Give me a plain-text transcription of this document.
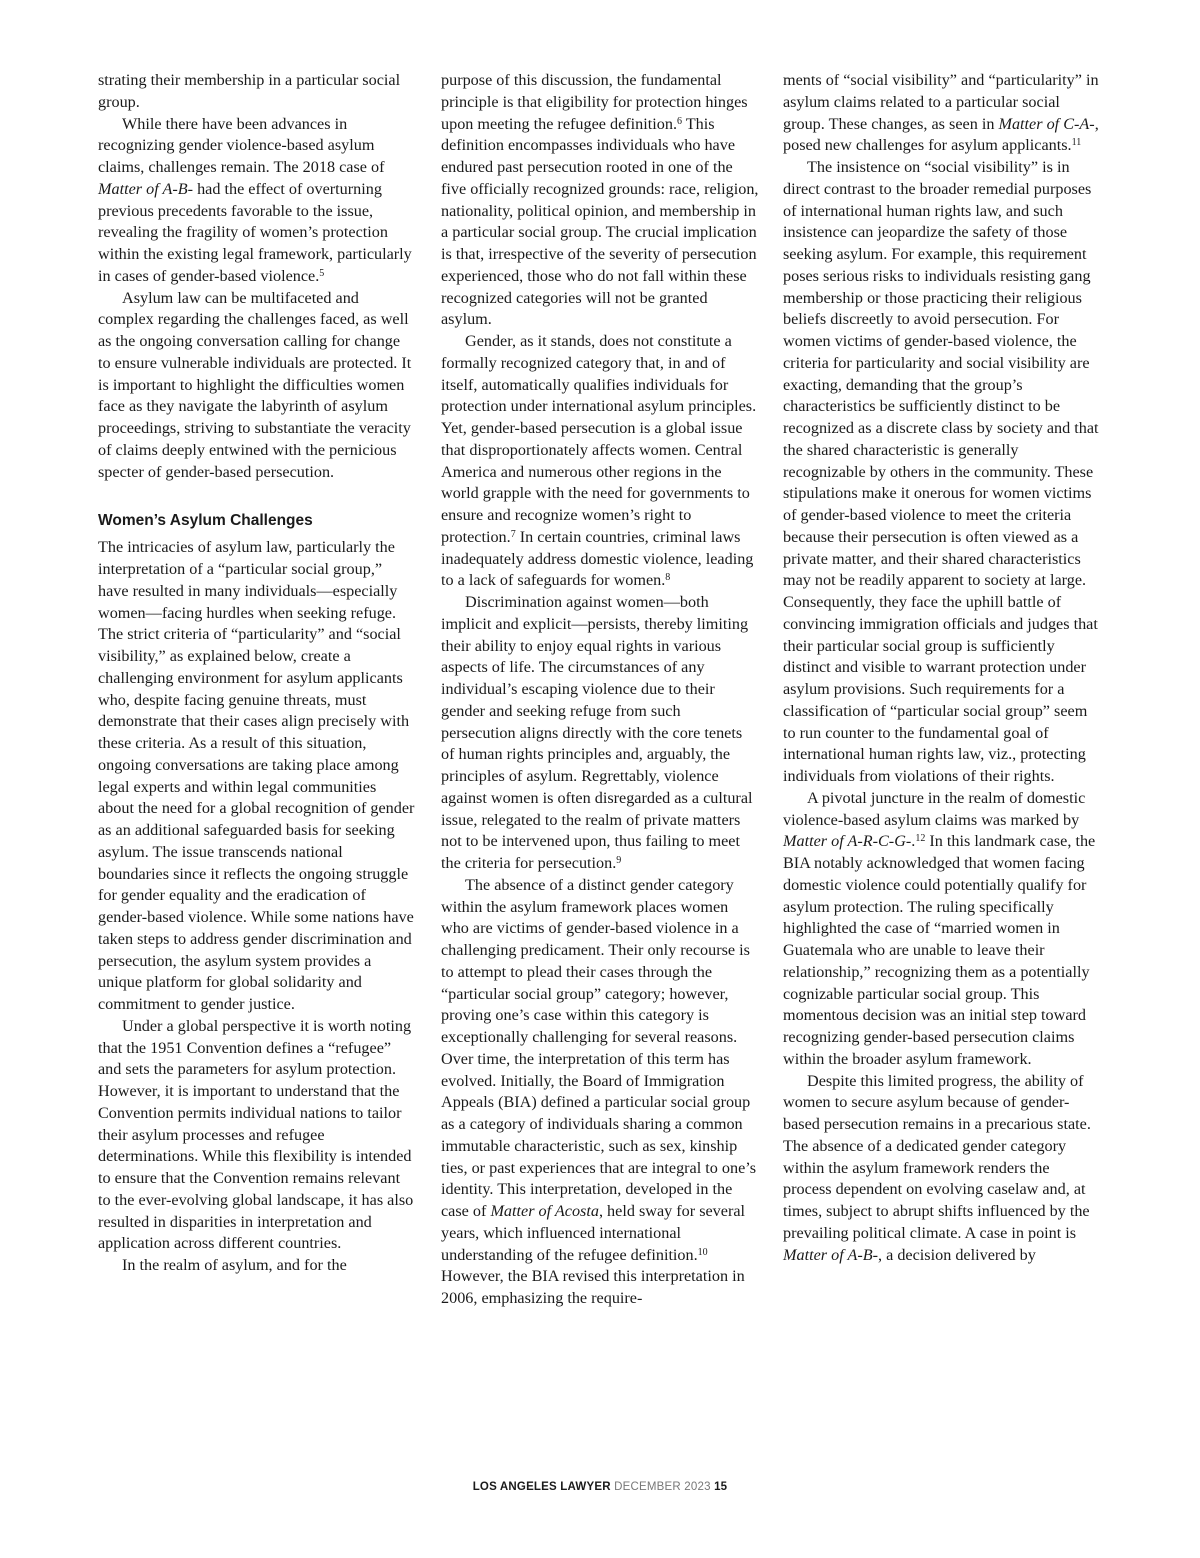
strating their membership in a particular social group.

While there have been advances in recognizing gender violence-based asylum claims, challenges remain. The 2018 case of Matter of A-B- had the effect of overturning previous precedents favorable to the issue, revealing the fragility of women’s protection within the existing legal framework, particularly in cases of gender-based violence.$^5$

Asylum law can be multifaceted and complex regarding the challenges faced, as well as the ongoing conversation calling for change to ensure vulnerable individuals are protected. It is important to highlight the difficulties women face as they navigate the labyrinth of asylum proceedings, striving to substantiate the veracity of claims deeply entwined with the pernicious specter of gender-based persecution.

Women’s Asylum Challenges

The intricacies of asylum law, particularly the interpretation of a “particular social group,” have resulted in many individuals—especially women—facing hurdles when seeking refuge. The strict criteria of “particularity” and “social visibility,” as explained below, create a challenging environment for asylum applicants who, despite facing genuine threats, must demonstrate that their cases align precisely with these criteria. As a result of this situation, ongoing conversations are taking place among legal experts and within legal communities about the need for a global recognition of gender as an additional safeguarded basis for seeking asylum. The issue transcends national boundaries since it reflects the ongoing struggle for gender equality and the eradication of gender-based violence. While some nations have taken steps to address gender discrimination and persecution, the asylum system provides a unique platform for global solidarity and commitment to gender justice.

Under a global perspective it is worth noting that the 1951 Convention defines a “refugee” and sets the parameters for asylum protection. However, it is important to understand that the Convention permits individual nations to tailor their asylum processes and refugee determinations. While this flexibility is intended to ensure that the Convention remains relevant to the ever-evolving global landscape, it has also resulted in disparities in interpretation and application across different countries.

In the realm of asylum, and for the

purpose of this discussion, the fundamental principle is that eligibility for protection hinges upon meeting the refugee definition.$^6$ This definition encompasses individuals who have endured past persecution rooted in one of the five officially recognized grounds: race, religion, nationality, political opinion, and membership in a particular social group. The crucial implication is that, irrespective of the severity of persecution experienced, those who do not fall within these recognized categories will not be granted asylum.

Gender, as it stands, does not constitute a formally recognized category that, in and of itself, automatically qualifies individuals for protection under international asylum principles. Yet, gender-based persecution is a global issue that disproportionately affects women. Central America and numerous other regions in the world grapple with the need for governments to ensure and recognize women’s right to protection.$^7$ In certain countries, criminal laws inadequately address domestic violence, leading to a lack of safeguards for women.$^8$

Discrimination against women—both implicit and explicit—persists, thereby limiting their ability to enjoy equal rights in various aspects of life. The circumstances of any individual’s escaping violence due to their gender and seeking refuge from such persecution aligns directly with the core tenets of human rights principles and, arguably, the principles of asylum. Regrettably, violence against women is often disregarded as a cultural issue, relegated to the realm of private matters not to be intervened upon, thus failing to meet the criteria for persecution.$^9$

The absence of a distinct gender category within the asylum framework places women who are victims of gender-based violence in a challenging predicament. Their only recourse is to attempt to plead their cases through the “particular social group” category; however, proving one’s case within this category is exceptionally challenging for several reasons. Over time, the interpretation of this term has evolved. Initially, the Board of Immigration Appeals (BIA) defined a particular social group as a category of individuals sharing a common immutable characteristic, such as sex, kinship ties, or past experiences that are integral to one’s identity. This interpretation, developed in the case of Matter of Acosta, held sway for several years, which influenced international understanding of the refugee definition.$^{10}$ However, the BIA revised this interpretation in 2006, emphasizing the require-

ments of “social visibility” and “particularity” in asylum claims related to a particular social group. These changes, as seen in Matter of C-A-, posed new challenges for asylum applicants.$^{11}$

The insistence on “social visibility” is in direct contrast to the broader remedial purposes of international human rights law, and such insistence can jeopardize the safety of those seeking asylum. For example, this requirement poses serious risks to individuals resisting gang membership or those practicing their religious beliefs discreetly to avoid persecution. For women victims of gender-based violence, the criteria for particularity and social visibility are exacting, demanding that the group’s characteristics be sufficiently distinct to be recognized as a discrete class by society and that the shared characteristic is generally recognizable by others in the community. These stipulations make it onerous for women victims of gender-based violence to meet the criteria because their persecution is often viewed as a private matter, and their shared characteristics may not be readily apparent to society at large. Consequently, they face the uphill battle of convincing immigration officials and judges that their particular social group is sufficiently distinct and visible to warrant protection under asylum provisions. Such requirements for a classification of “particular social group” seem to run counter to the fundamental goal of international human rights law, viz., protecting individuals from violations of their rights.

A pivotal juncture in the realm of domestic violence-based asylum claims was marked by Matter of A-R-C-G-.$^{12}$ In this landmark case, the BIA notably acknowledged that women facing domestic violence could potentially qualify for asylum protection. The ruling specifically highlighted the case of “married women in Guatemala who are unable to leave their relationship,” recognizing them as a potentially cognizable particular social group. This momentous decision was an initial step toward recognizing gender-based persecution claims within the broader asylum framework.

Despite this limited progress, the ability of women to secure asylum because of gender-based persecution remains in a precarious state. The absence of a dedicated gender category within the asylum framework renders the process dependent on evolving caselaw and, at times, subject to abrupt shifts influenced by the prevailing political climate. A case in point is Matter of A-B-, a decision delivered by

LOS ANGELES LAWYER DECEMBER 2023 15
